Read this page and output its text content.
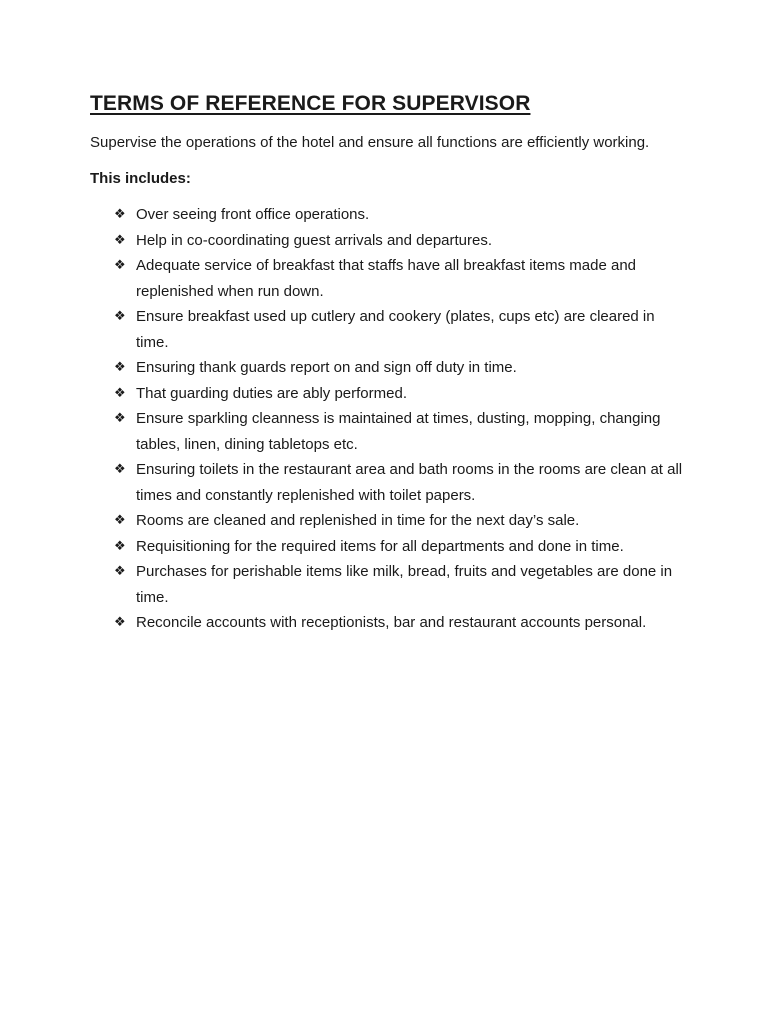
TERMS OF REFERENCE FOR SUPERVISOR

Supervise the operations of the hotel and ensure all functions are efficiently working.

This includes:

❖ Over seeing front office operations.
❖ Help in co-coordinating guest arrivals and departures.
❖ Adequate service of breakfast that staffs have all breakfast items made and replenished when run down.
❖ Ensure breakfast used up cutlery and cookery (plates, cups etc) are cleared in time.
❖ Ensuring thank guards report on and sign off duty in time.
❖ That guarding duties are ably performed.
❖ Ensure sparkling cleanness is maintained at times, dusting, mopping, changing tables, linen, dining tabletops etc.
❖ Ensuring toilets in the restaurant area and bath rooms in the rooms are clean at all times and constantly replenished with toilet papers.
❖ Rooms are cleaned and replenished in time for the next day’s sale.
❖ Requisitioning for the required items for all departments and done in time.
❖ Purchases for perishable items like milk, bread, fruits and vegetables are done in time.
❖ Reconcile accounts with receptionists, bar and restaurant accounts personal.
